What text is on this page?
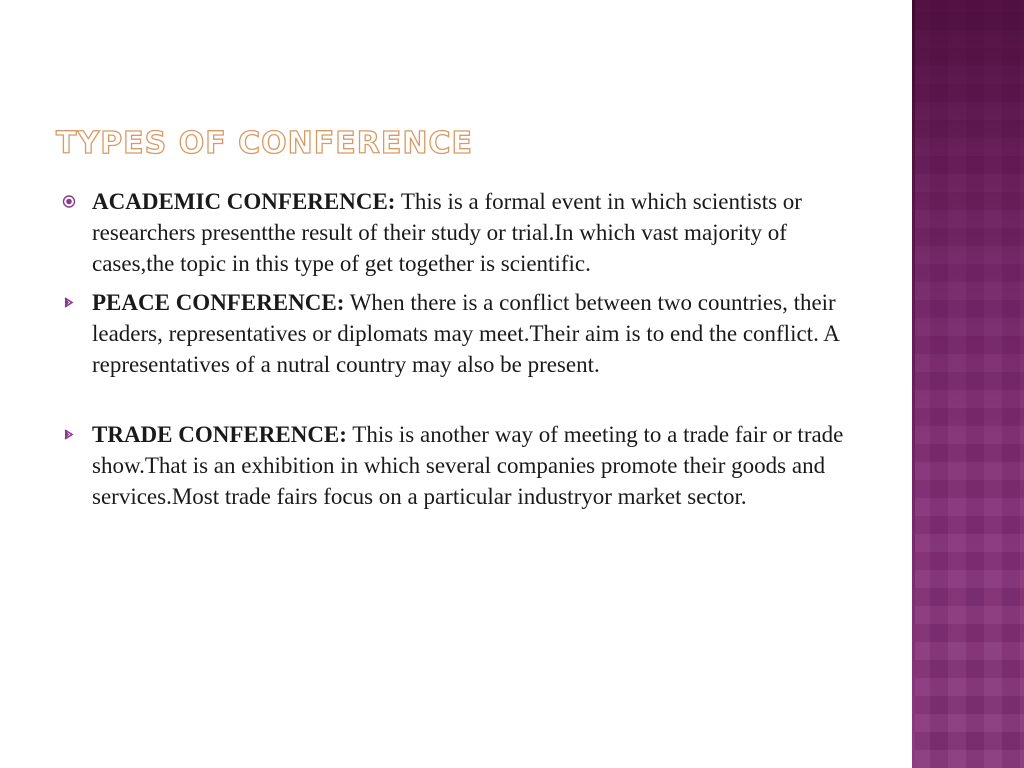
TYPES OF CONFERENCE
ACADEMIC CONFERENCE: This is a formal event in which scientists or researchers presentthe result of their study or trial.In which vast majority of cases,the topic in this type of get together is scientific.
PEACE CONFERENCE: When there is a conflict between two countries, their leaders, representatives or diplomats may meet.Their aim is to end the conflict. A representatives of a nutral country may also be present.
TRADE CONFERENCE: This is another way of meeting to a trade fair or trade show.That is an exhibition in which several companies promote their goods and services.Most trade fairs focus on a particular industryor market sector.
